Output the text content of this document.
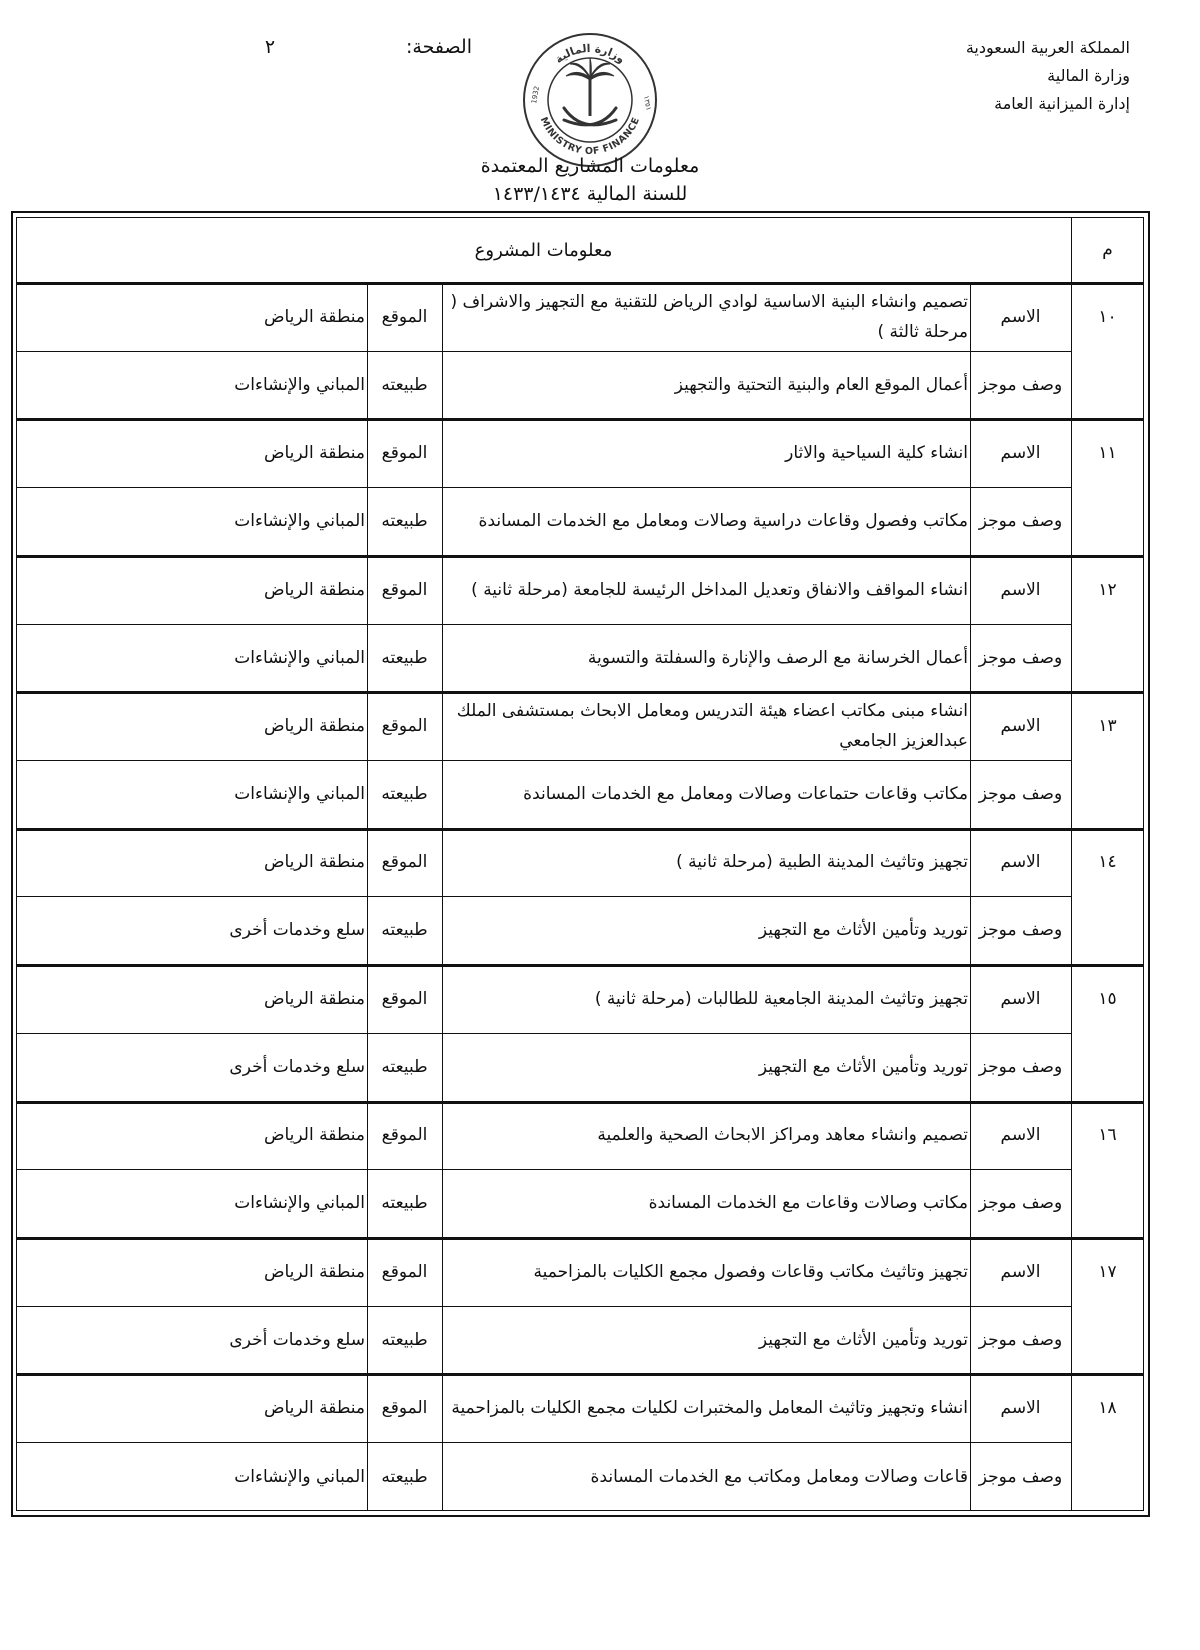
المملكة العربية السعودية
وزارة المالية
إدارة الميزانية العامة
الصفحة:
٢
وزارة المالية
MINISTRY OF FINANCE
1932	١٣٥١
معلومات المشاريع المعتمدة
للسنة المالية ١٤٣٣/١٤٣٤
م
معلومات المشروع
١٠
الاسم
تصميم وانشاء البنية الاساسية لوادي الرياض للتقنية مع التجهيز والاشراف ( مرحلة ثالثة )
الموقع
منطقة الرياض
وصف موجز
أعمال الموقع العام والبنية التحتية والتجهيز
طبيعته
المباني والإنشاءات
١١
الاسم
انشاء كلية السياحية والاثار
الموقع
منطقة الرياض
وصف موجز
مكاتب وفصول وقاعات دراسية وصالات ومعامل مع الخدمات المساندة
طبيعته
المباني والإنشاءات
١٢
الاسم
انشاء المواقف والانفاق وتعديل المداخل الرئيسة للجامعة (مرحلة ثانية )
الموقع
منطقة الرياض
وصف موجز
أعمال الخرسانة مع الرصف والإنارة والسفلتة والتسوية
طبيعته
المباني والإنشاءات
١٣
الاسم
انشاء مبنى مكاتب اعضاء هيئة التدريس ومعامل الابحاث بمستشفى الملك عبدالعزيز الجامعي
الموقع
منطقة الرياض
وصف موجز
مكاتب وقاعات حتماعات وصالات ومعامل مع الخدمات المساندة
طبيعته
المباني والإنشاءات
١٤
الاسم
تجهيز وتاثيث المدينة الطبية (مرحلة ثانية )
الموقع
منطقة الرياض
وصف موجز
توريد وتأمين الأثاث مع التجهيز
طبيعته
سلع وخدمات أخرى
١٥
الاسم
تجهيز وتاثيث المدينة الجامعية للطالبات (مرحلة ثانية )
الموقع
منطقة الرياض
وصف موجز
توريد وتأمين الأثاث مع التجهيز
طبيعته
سلع وخدمات أخرى
١٦
الاسم
تصميم وانشاء معاهد ومراكز الابحاث الصحية والعلمية
الموقع
منطقة الرياض
وصف موجز
مكاتب وصالات وقاعات مع الخدمات المساندة
طبيعته
المباني والإنشاءات
١٧
الاسم
تجهيز وتاثيث مكاتب وقاعات وفصول مجمع الكليات بالمزاحمية
الموقع
منطقة الرياض
وصف موجز
توريد وتأمين الأثاث مع التجهيز
طبيعته
سلع وخدمات أخرى
١٨
الاسم
انشاء وتجهيز وتاثيث المعامل والمختبرات لكليات مجمع الكليات بالمزاحمية
الموقع
منطقة الرياض
وصف موجز
قاعات وصالات ومعامل ومكاتب مع الخدمات المساندة
طبيعته
المباني والإنشاءات
